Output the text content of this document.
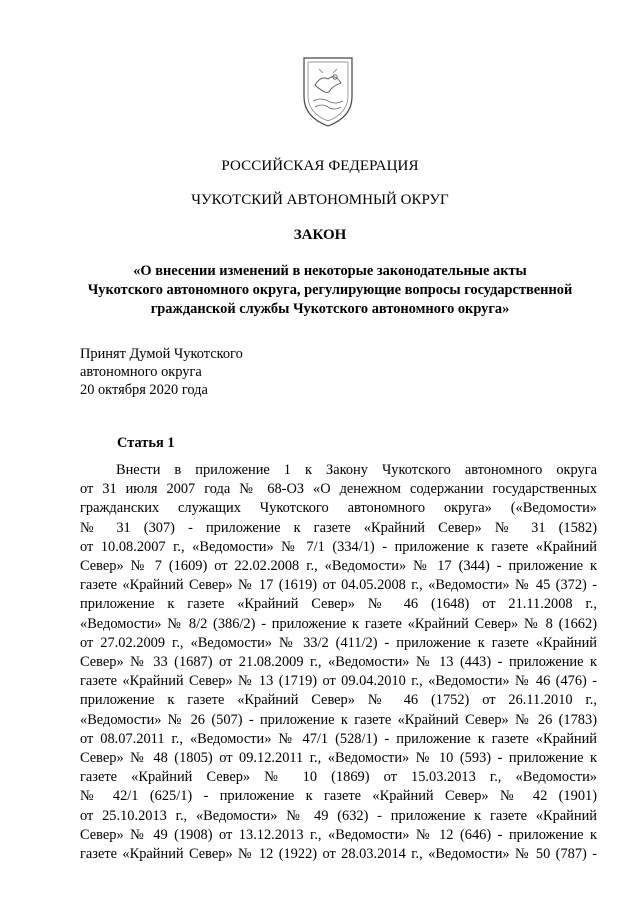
РОССИЙСКАЯ ФЕДЕРАЦИЯ
ЧУКОТСКИЙ АВТОНОМНЫЙ ОКРУГ
ЗАКОН
«О внесении изменений в некоторые законодательные акты
Чукотского автономного округа, регулирующие вопросы государственной
гражданской службы Чукотского автономного округа»
Принят Думой Чукотского
автономного округа
20 октября 2020 года
Статья 1
Внести в приложение 1 к Закону Чукотского автономного округа
от 31 июля 2007 года № 68-ОЗ «О денежном содержании государственных
гражданских служащих Чукотского автономного округа» («Ведомости»
№ 31 (307) - приложение к газете «Крайний Север» № 31 (1582)
от 10.08.2007 г., «Ведомости» № 7/1 (334/1) - приложение к газете «Крайний
Север» № 7 (1609) от 22.02.2008 г., «Ведомости» № 17 (344) - приложение к
газете «Крайний Север» № 17 (1619) от 04.05.2008 г., «Ведомости» № 45 (372) -
приложение к газете «Крайний Север» № 46 (1648) от 21.11.2008 г.,
«Ведомости» № 8/2 (386/2) - приложение к газете «Крайний Север» № 8 (1662)
от 27.02.2009 г., «Ведомости» № 33/2 (411/2) - приложение к газете «Крайний
Север» № 33 (1687) от 21.08.2009 г., «Ведомости» № 13 (443) - приложение к
газете «Крайний Север» № 13 (1719) от 09.04.2010 г., «Ведомости» № 46 (476) -
приложение к газете «Крайний Север» № 46 (1752) от 26.11.2010 г.,
«Ведомости» № 26 (507) - приложение к газете «Крайний Север» № 26 (1783)
от 08.07.2011 г., «Ведомости» № 47/1 (528/1) - приложение к газете «Крайний
Север» № 48 (1805) от 09.12.2011 г., «Ведомости» № 10 (593) - приложение к
газете «Крайний Север» № 10 (1869) от 15.03.2013 г., «Ведомости»
№ 42/1 (625/1) - приложение к газете «Крайний Север» № 42 (1901)
от 25.10.2013 г., «Ведомости» № 49 (632) - приложение к газете «Крайний
Север» № 49 (1908) от 13.12.2013 г., «Ведомости» № 12 (646) - приложение к
газете «Крайний Север» № 12 (1922) от 28.03.2014 г., «Ведомости» № 50 (787) -
